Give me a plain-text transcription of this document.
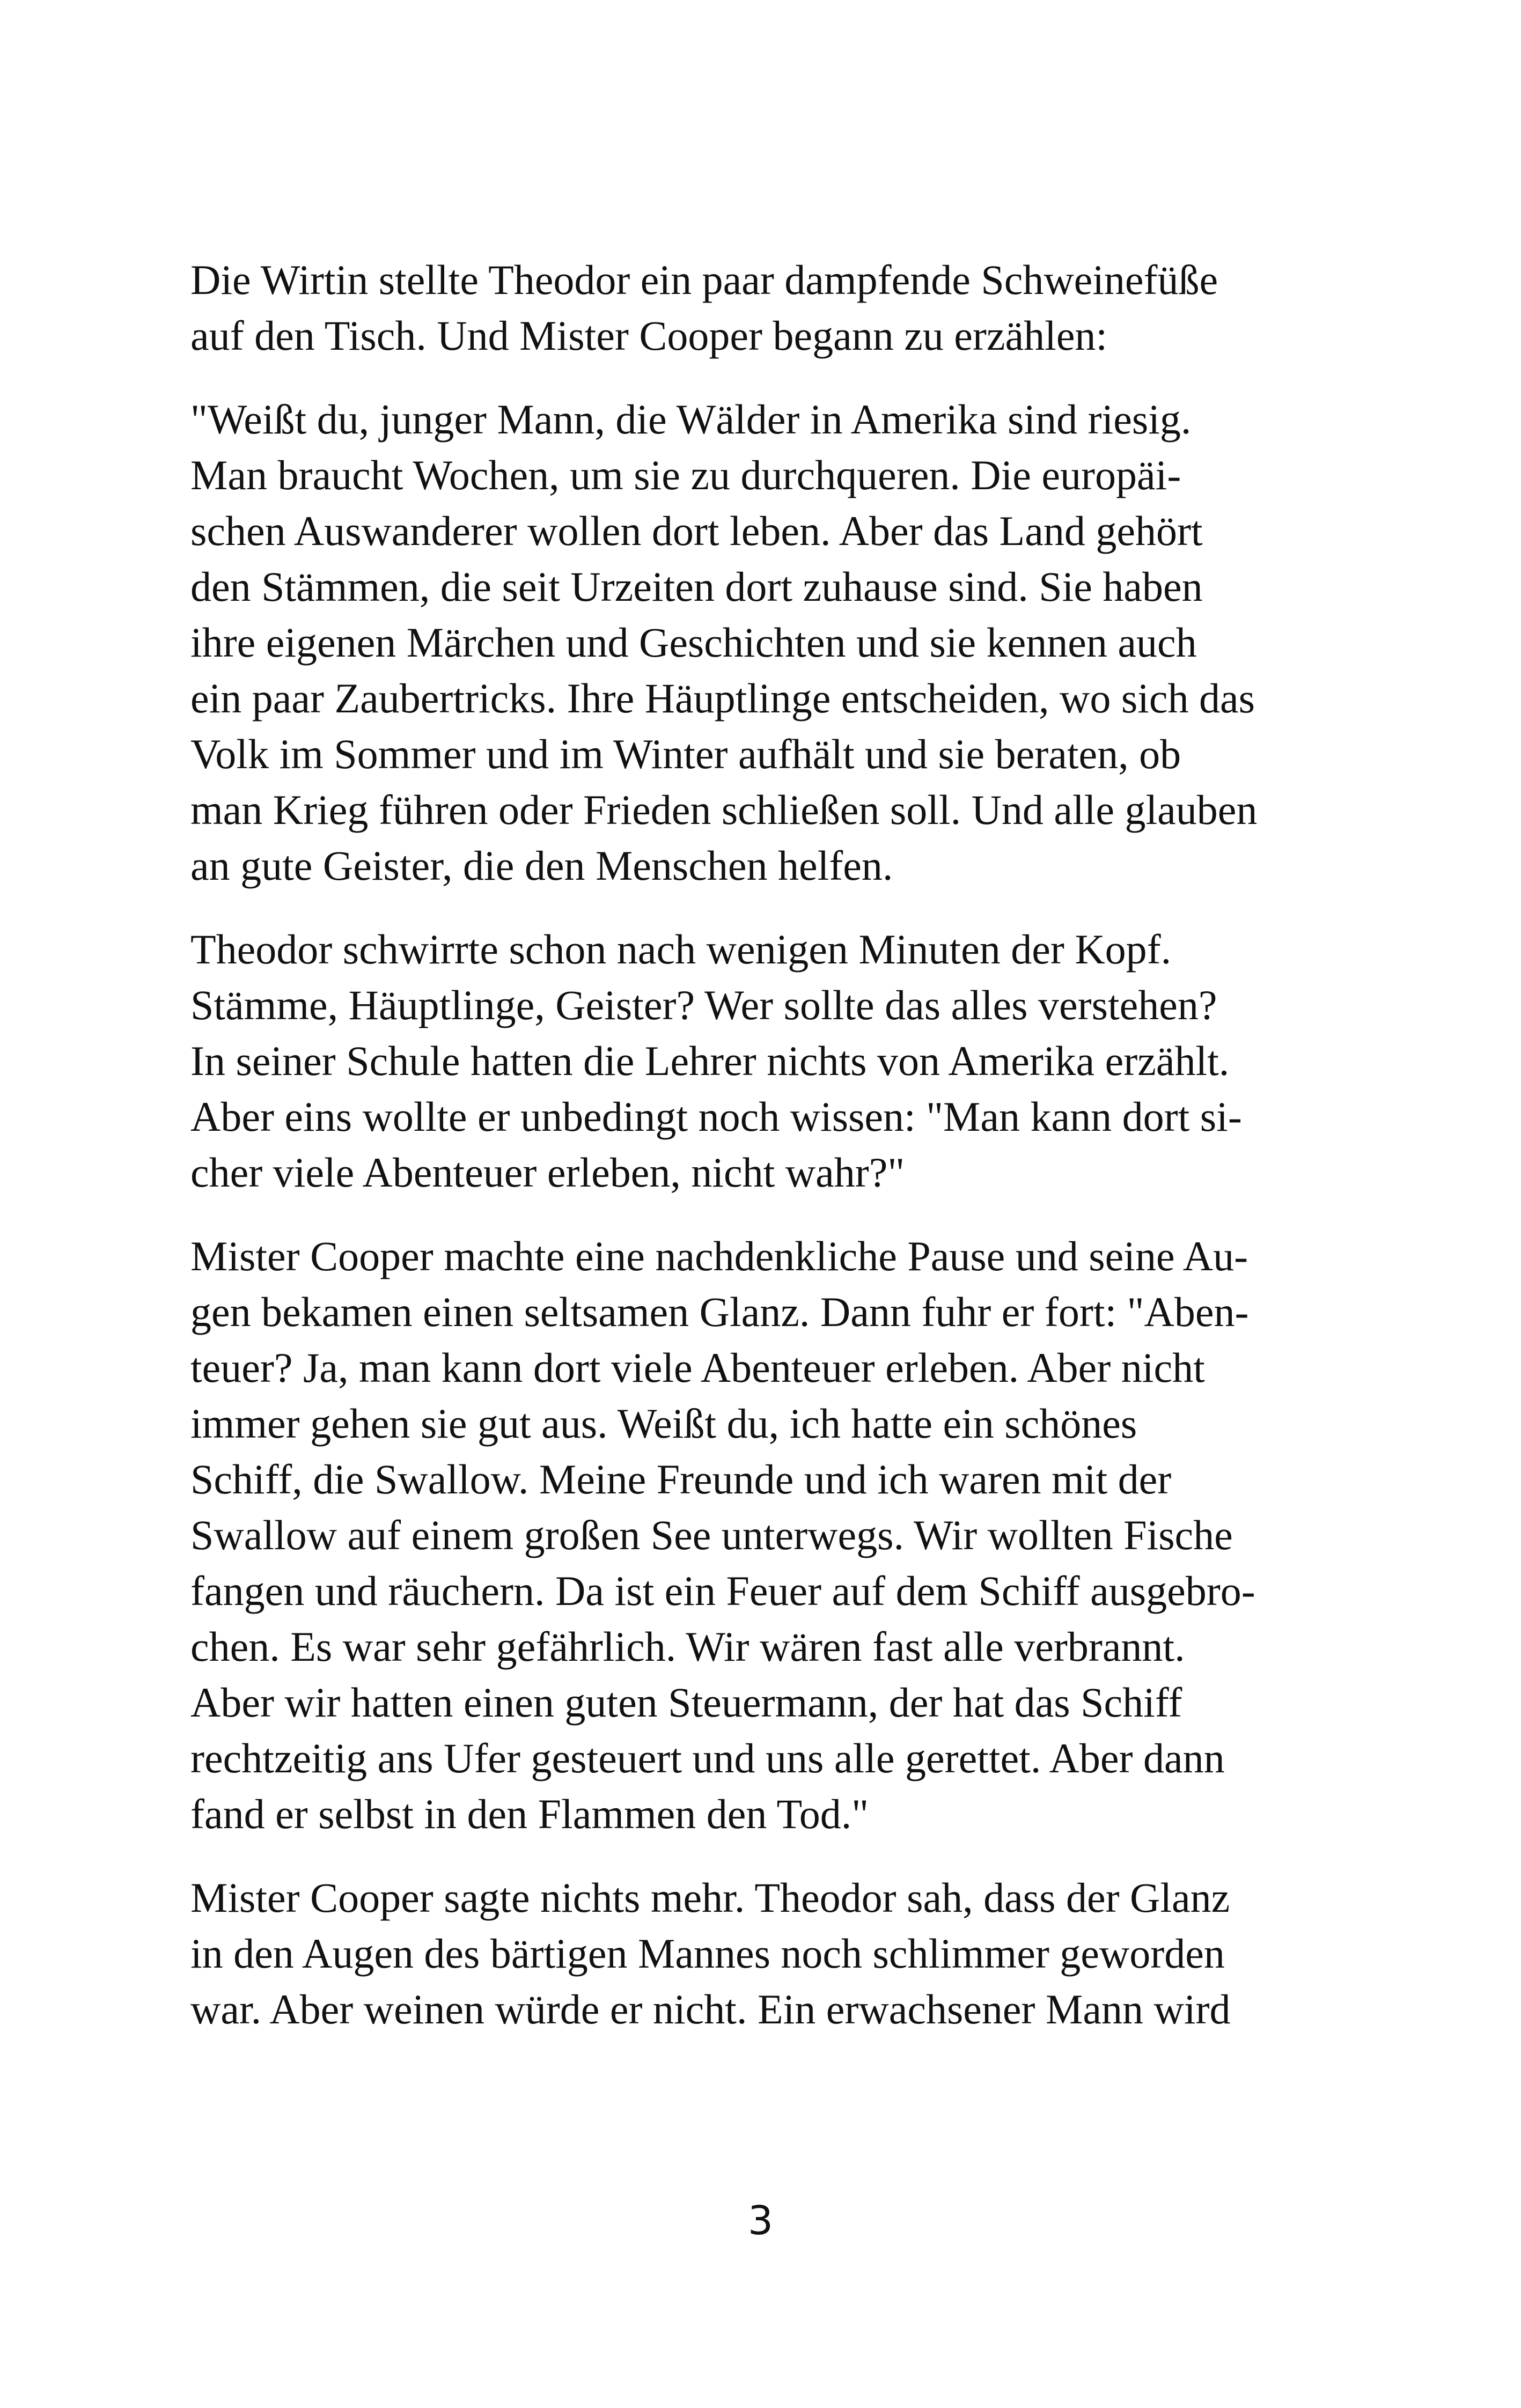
Die Wirtin stellte Theodor ein paar dampfende Schweinefüße
auf den Tisch. Und Mister Cooper begann zu erzählen:

"Weißt du, junger Mann, die Wälder in Amerika sind riesig.
Man braucht Wochen, um sie zu durchqueren. Die europäi-
schen Auswanderer wollen dort leben. Aber das Land gehört
den Stämmen, die seit Urzeiten dort zuhause sind. Sie haben
ihre eigenen Märchen und Geschichten und sie kennen auch
ein paar Zaubertricks. Ihre Häuptlinge entscheiden, wo sich das
Volk im Sommer und im Winter aufhält und sie beraten, ob
man Krieg führen oder Frieden schließen soll. Und alle glauben
an gute Geister, die den Menschen helfen.

Theodor schwirrte schon nach wenigen Minuten der Kopf.
Stämme, Häuptlinge, Geister? Wer sollte das alles verstehen?
In seiner Schule hatten die Lehrer nichts von Amerika erzählt.
Aber eins wollte er unbedingt noch wissen: "Man kann dort si-
cher viele Abenteuer erleben, nicht wahr?"

Mister Cooper machte eine nachdenkliche Pause und seine Au-
gen bekamen einen seltsamen Glanz. Dann fuhr er fort: "Aben-
teuer? Ja, man kann dort viele Abenteuer erleben. Aber nicht
immer gehen sie gut aus. Weißt du, ich hatte ein schönes
Schiff, die Swallow. Meine Freunde und ich waren mit der
Swallow auf einem großen See unterwegs. Wir wollten Fische
fangen und räuchern. Da ist ein Feuer auf dem Schiff ausgebro-
chen. Es war sehr gefährlich. Wir wären fast alle verbrannt.
Aber wir hatten einen guten Steuermann, der hat das Schiff
rechtzeitig ans Ufer gesteuert und uns alle gerettet. Aber dann
fand er selbst in den Flammen den Tod."

Mister Cooper sagte nichts mehr. Theodor sah, dass der Glanz
in den Augen des bärtigen Mannes noch schlimmer geworden
war. Aber weinen würde er nicht. Ein erwachsener Mann wird

3
